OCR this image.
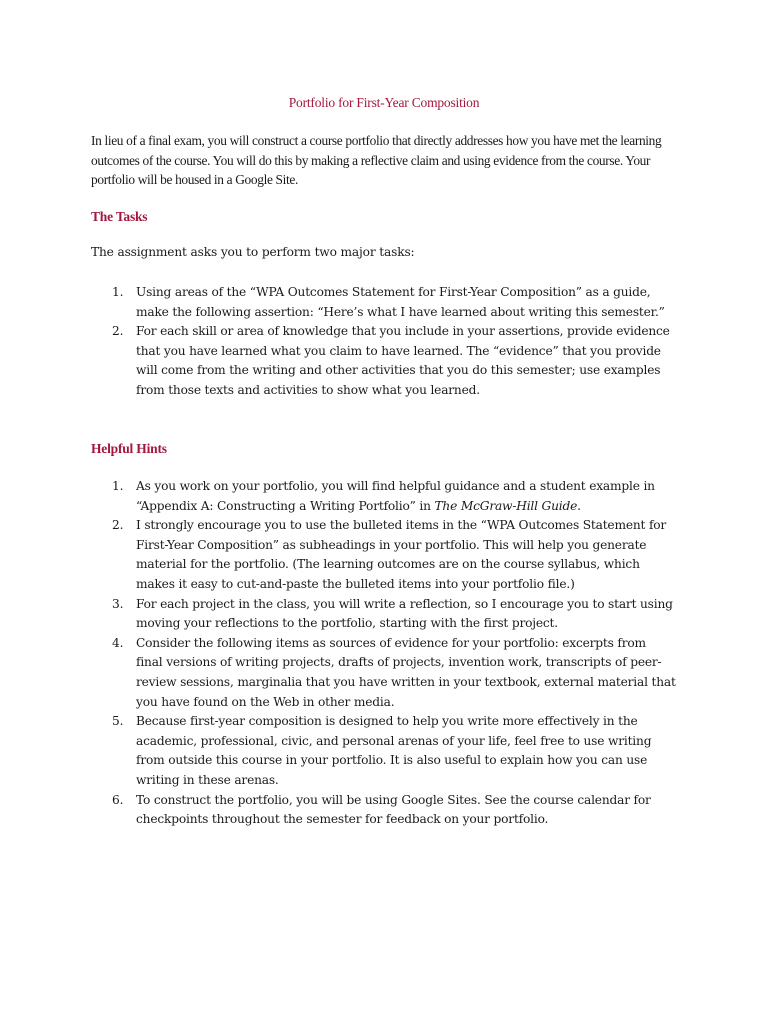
Portfolio for First-Year Composition

In lieu of a final exam, you will construct a course portfolio that directly addresses how you have met the learning outcomes of the course. You will do this by making a reflective claim and using evidence from the course. Your portfolio will be housed in a Google Site.

The Tasks

The assignment asks you to perform two major tasks:

1. Using areas of the “WPA Outcomes Statement for First-Year Composition” as a guide, make the following assertion: “Here’s what I have learned about writing this semester.”
2. For each skill or area of knowledge that you include in your assertions, provide evidence that you have learned what you claim to have learned. The “evidence” that you provide will come from the writing and other activities that you do this semester; use examples from those texts and activities to show what you learned.
Helpful Hints
1. As you work on your portfolio, you will find helpful guidance and a student example in “Appendix A: Constructing a Writing Portfolio” in The McGraw-Hill Guide.
2. I strongly encourage you to use the bulleted items in the “WPA Outcomes Statement for First-Year Composition” as subheadings in your portfolio. This will help you generate material for the portfolio. (The learning outcomes are on the course syllabus, which makes it easy to cut-and-paste the bulleted items into your portfolio file.)
3. For each project in the class, you will write a reflection, so I encourage you to start using moving your reflections to the portfolio, starting with the first project.
4. Consider the following items as sources of evidence for your portfolio: excerpts from final versions of writing projects, drafts of projects, invention work, transcripts of peer-review sessions, marginalia that you have written in your textbook, external material that you have found on the Web in other media.
5. Because first-year composition is designed to help you write more effectively in the academic, professional, civic, and personal arenas of your life, feel free to use writing from outside this course in your portfolio. It is also useful to explain how you can use writing in these arenas.
6. To construct the portfolio, you will be using Google Sites. See the course calendar for checkpoints throughout the semester for feedback on your portfolio.
